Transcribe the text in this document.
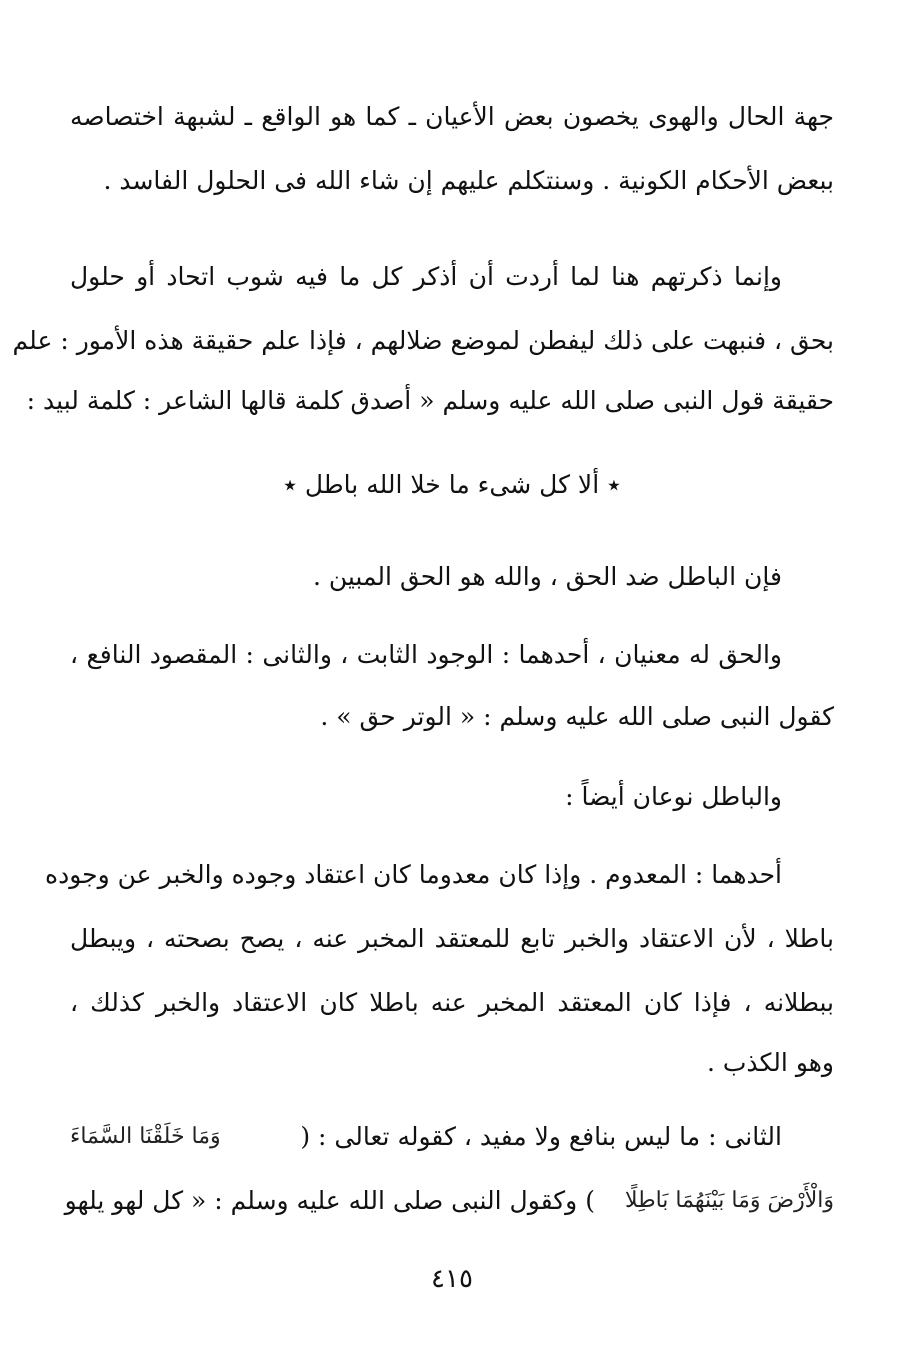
جهة الحال والهوى يخصون بعض الأعيان ـ كما هو الواقع ـ لشبهة اختصاصه
ببعض الأحكام الكونية . وسنتكلم عليهم إن شاء الله فى الحلول الفاسد .
وإنما ذكرتهم هنا لما أردت أن أذكر كل ما فيه شوب اتحاد أو حلول
بحق ، فنبهت على ذلك ليفطن لموضع ضلالهم ، فإذا علم حقيقة هذه الأمور : علم
حقيقة قول النبى صلى الله عليه وسلم « أصدق كلمة قالها الشاعر : كلمة لبيد :
٭ ألا كل شىء ما خلا الله باطل ٭
فإن الباطل ضد الحق ، والله هو الحق المبين .
والحق له معنيان ، أحدهما : الوجود الثابت ، والثانى : المقصود النافع ،
كقول النبى صلى الله عليه وسلم : « الوتر حق » .
والباطل نوعان أيضاً :
أحدهما : المعدوم . وإذا كان معدوما كان اعتقاد وجوده والخبر عن وجوده
باطلا ، لأن الاعتقاد والخبر تابع للمعتقد المخبر عنه ، يصح بصحته ، ويبطل
ببطلانه ، فإذا كان المعتقد المخبر عنه باطلا كان الاعتقاد والخبر كذلك ،
وهو الكذب .
الثانى : ما ليس بنافع ولا مفيد ، كقوله تعالى : (
وَمَا خَلَقْنَا السَّمَاءَ
) وكقول النبى صلى الله عليه وسلم : « كل لهو يلهو وَالْأَرْضَ وَمَا بَيْنَهُمَا بَاطِلًا
٤١٥
